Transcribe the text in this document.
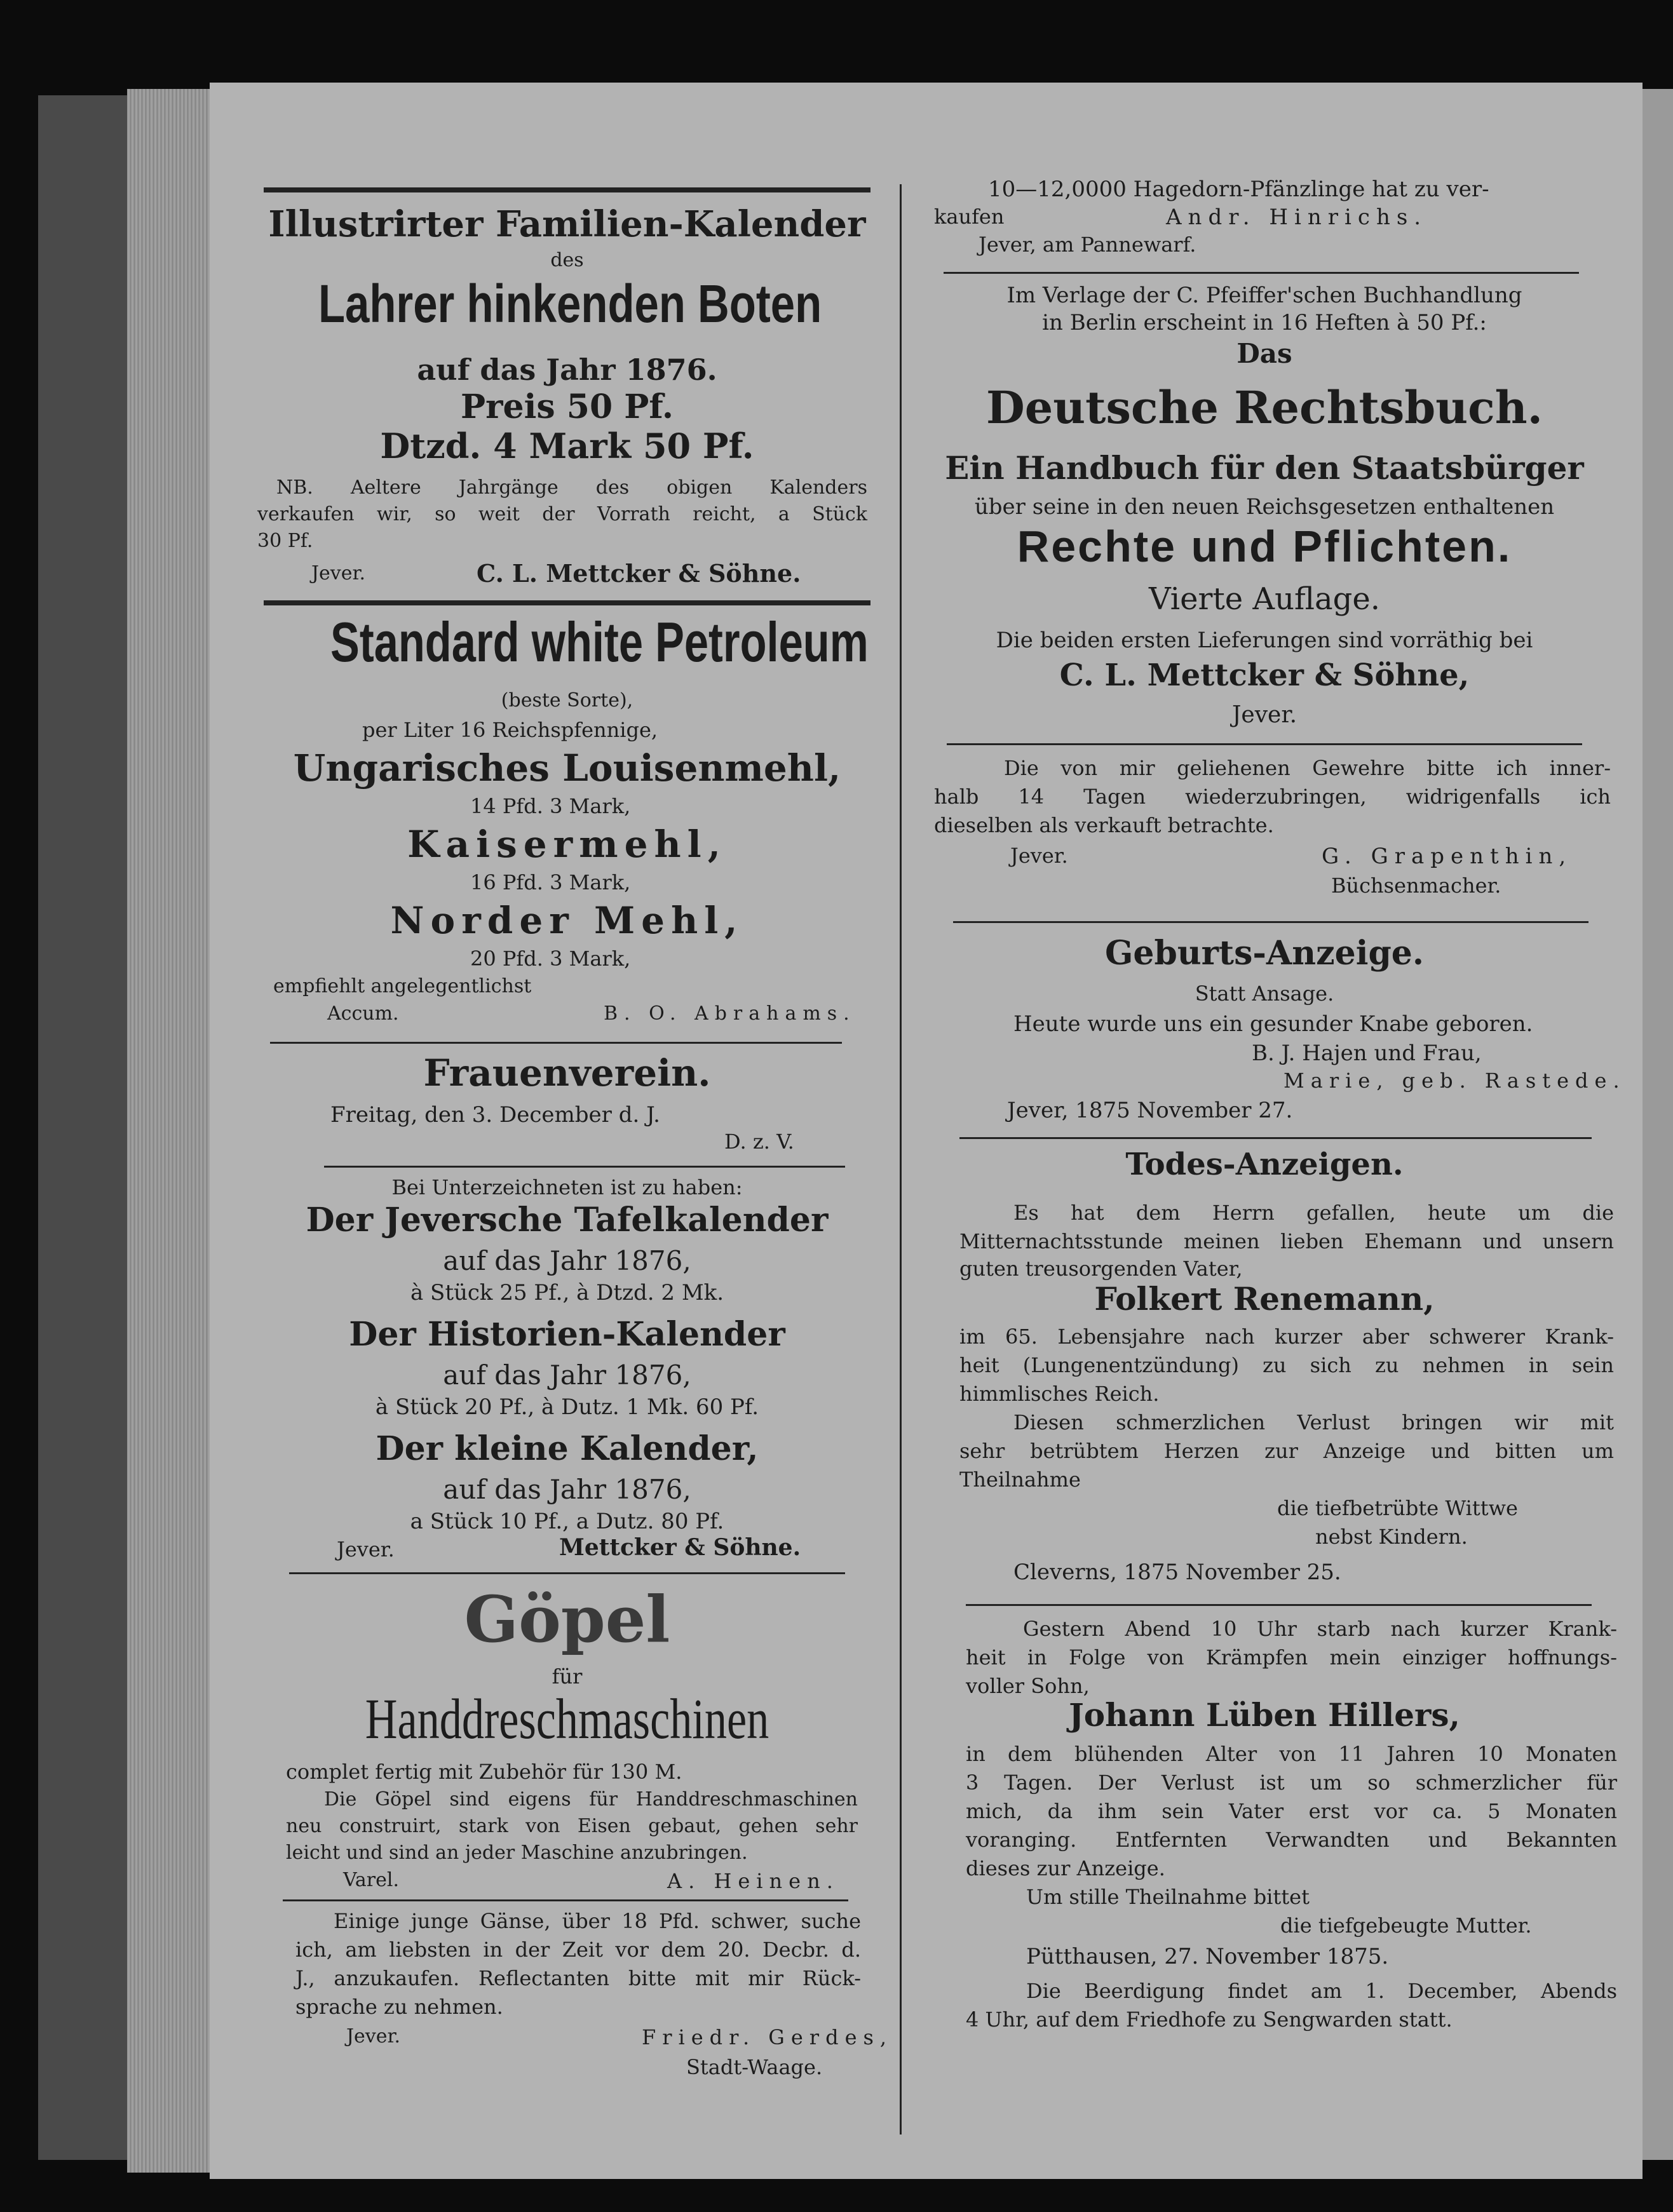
Illustrirter Familien-Kalender
des
Lahrer hinkenden Boten
auf das Jahr 1876.
Preis 50 Pf.
Dtzd. 4 Mark 50 Pf.
NB. Aeltere Jahrgänge des obigen Kalenders
verkaufen wir, so weit der Vorrath reicht, a Stück
30 Pf.
Jever.	C. L. Mettcker & Söhne.
Standard white Petroleum
(beste Sorte),
per Liter 16 Reichspfennige,
Ungarisches Louisenmehl,
14 Pfd. 3 Mark,
Kaisermehl,
16 Pfd. 3 Mark,
Norder Mehl,
20 Pfd. 3 Mark,
empfiehlt angelegentlichst
Accum.	B. O. Abrahams.
Frauenverein.
Freitag, den 3. December d. J.
D. z. V.
Bei Unterzeichneten ist zu haben:
Der Jeversche Tafelkalender
auf das Jahr 1876,
à Stück 25 Pf., à Dtzd. 2 Mk.
Der Historien-Kalender
auf das Jahr 1876,
à Stück 20 Pf., à Dutz. 1 Mk. 60 Pf.
Der kleine Kalender,
auf das Jahr 1876,
a Stück 10 Pf., a Dutz. 80 Pf.
Jever.	Mettcker & Söhne.
Göpel
für
Handdreschmaschinen
complet fertig mit Zubehör für 130 M.
Die Göpel sind eigens für Handdreschmaschinen
neu construirt, stark von Eisen gebaut, gehen sehr
leicht und sind an jeder Maschine anzubringen.
Varel.	A. Heinen.
Einige junge Gänse, über 18 Pfd. schwer, suche
ich, am liebsten in der Zeit vor dem 20. Decbr. d.
J., anzukaufen. Reflectanten bitte mit mir Rück-
sprache zu nehmen.
Jever.	Friedr. Gerdes,
Stadt-Waage.
10—12,0000 Hagedorn-Pfänzlinge hat zu ver-
kaufen	Andr. Hinrichs.
Jever, am Pannewarf.
Im Verlage der C. Pfeiffer'schen Buchhandlung
in Berlin erscheint in 16 Heften à 50 Pf.:
Das
Deutsche Rechtsbuch.
Ein Handbuch für den Staatsbürger
über seine in den neuen Reichsgesetzen enthaltenen
Rechte und Pflichten.
Vierte Auflage.
Die beiden ersten Lieferungen sind vorräthig bei
C. L. Mettcker & Söhne,
Jever.
Die von mir geliehenen Gewehre bitte ich inner-
halb 14 Tagen wiederzubringen, widrigenfalls ich
dieselben als verkauft betrachte.
Jever.	G. Grapenthin,
Büchsenmacher.
Geburts-Anzeige.
Statt Ansage.
Heute wurde uns ein gesunder Knabe geboren.
B. J. Hajen und Frau,
Marie, geb. Rastede.
Jever, 1875 November 27.
Todes-Anzeigen.
Es hat dem Herrn gefallen, heute um die
Mitternachtsstunde meinen lieben Ehemann und unsern
guten treusorgenden Vater,
Folkert Renemann,
im 65. Lebensjahre nach kurzer aber schwerer Krank-
heit (Lungenentzündung) zu sich zu nehmen in sein
himmlisches Reich.
Diesen schmerzlichen Verlust bringen wir mit
sehr betrübtem Herzen zur Anzeige und bitten um
Theilnahme
die tiefbetrübte Wittwe
nebst Kindern.
Cleverns, 1875 November 25.
Gestern Abend 10 Uhr starb nach kurzer Krank-
heit in Folge von Krämpfen mein einziger hoffnungs-
voller Sohn,
Johann Lüben Hillers,
in dem blühenden Alter von 11 Jahren 10 Monaten
3 Tagen. Der Verlust ist um so schmerzlicher für
mich, da ihm sein Vater erst vor ca. 5 Monaten
voranging. Entfernten Verwandten und Bekannten
dieses zur Anzeige.
Um stille Theilnahme bittet
die tiefgebeugte Mutter.
Pütthausen, 27. November 1875.
Die Beerdigung findet am 1. December, Abends
4 Uhr, auf dem Friedhofe zu Sengwarden statt.
